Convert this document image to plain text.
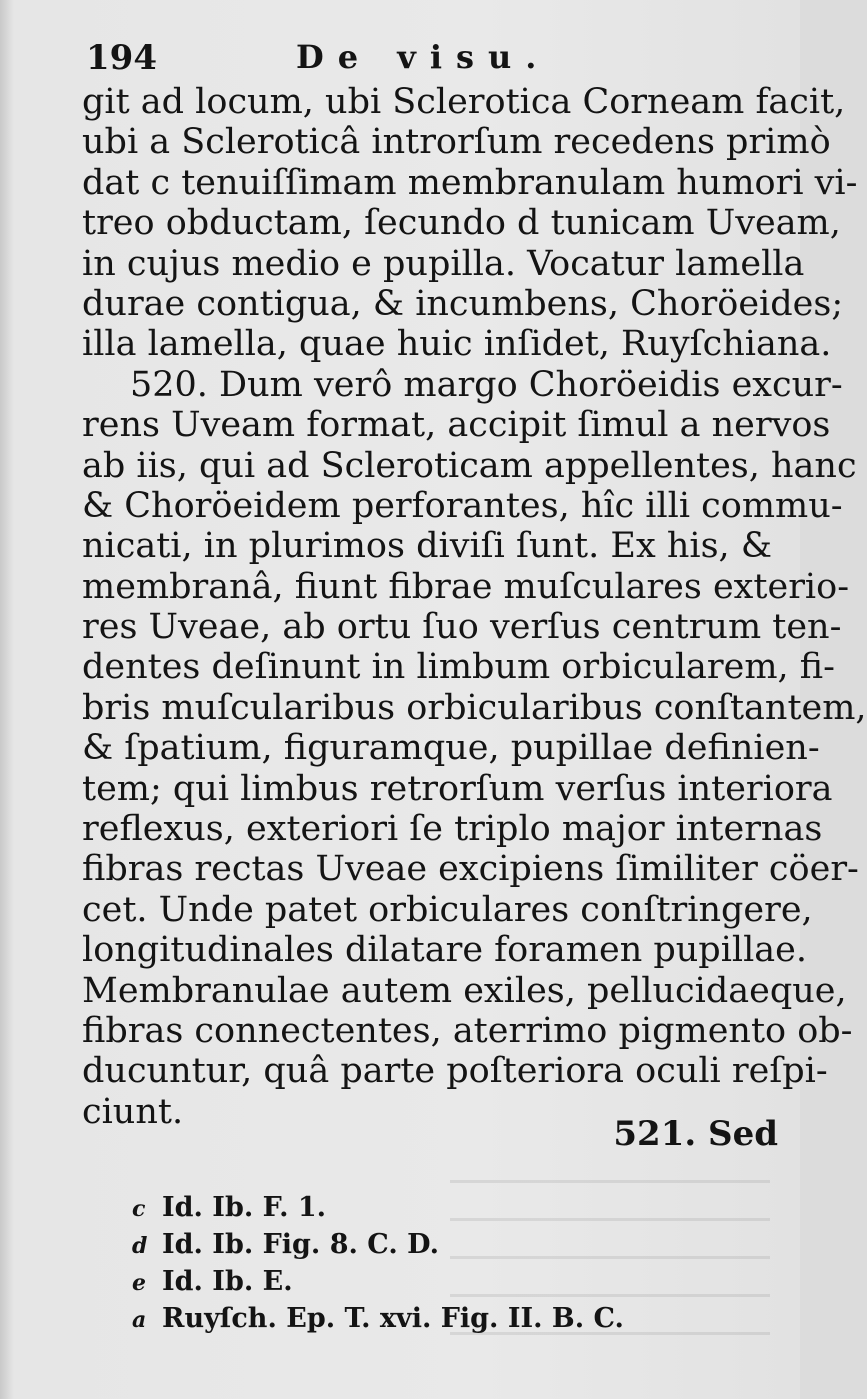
194	De visu.
git ad locum, ubi Sclerotica Corneam facit,
ubi a Scleroticâ introrſum recedens primò
dat c tenuiſſimam membranulam humori vi-
treo obductam, ſecundo d tunicam Uveam,
in cujus medio e pupilla. Vocatur lamella
durae contigua, & incumbens, Choröeides;
illa lamella, quae huic inſidet, Ruyſchiana.
520. Dum verô margo Choröeidis excur-
rens Uveam format, accipit ſimul a nervos
ab iis, qui ad Scleroticam appellentes, hanc
& Choröeidem perforantes, hîc illi commu-
nicati, in plurimos diviſi ſunt. Ex his, &
membranâ, fiunt fibrae muſculares exterio-
res Uveae, ab ortu ſuo verſus centrum ten-
dentes deſinunt in limbum orbicularem, fi-
bris muſcularibus orbicularibus conſtantem,
& ſpatium, figuramque, pupillae definien-
tem; qui limbus retrorſum verſus interiora
reflexus, exteriori ſe triplo major internas
fibras rectas Uveae excipiens ſimiliter cöer-
cet. Unde patet orbiculares conſtringere,
longitudinales dilatare foramen pupillae.
Membranulae autem exiles, pellucidaeque,
fibras connectentes, aterrimo pigmento ob-
ducuntur, quâ parte poſteriora oculi reſpi-
ciunt.
521. Sed
c Id. Ib. F. 1.
d Id. Ib. Fig. 8. C. D.
e Id. Ib. E.
a Ruyſch. Ep. T. xvi. Fig. II. B. C.
